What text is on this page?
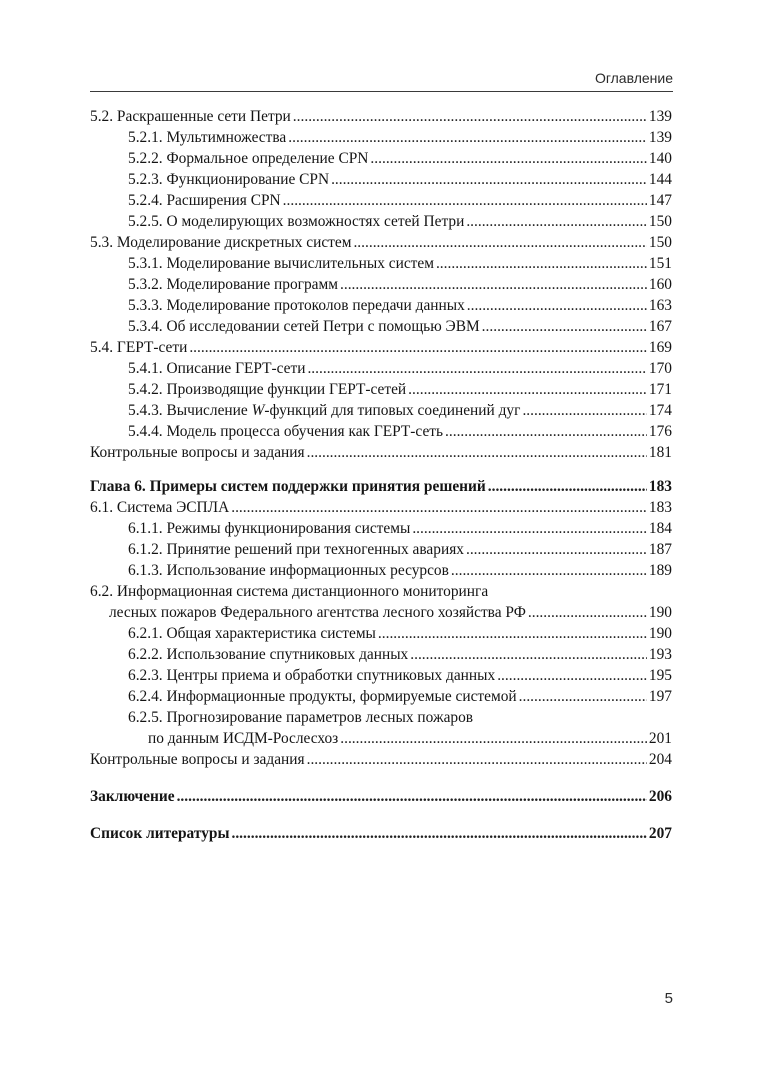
Оглавление
5.2. Раскрашенные сети Петри .....	139
5.2.1. Мультимножества .....	139
5.2.2. Формальное определение CPN .....	140
5.2.3. Функционирование CPN .....	144
5.2.4. Расширения CPN .....	147
5.2.5. О моделирующих возможностях сетей Петри .....	150
5.3. Моделирование дискретных систем .....	150
5.3.1. Моделирование вычислительных систем .....	151
5.3.2. Моделирование программ .....	160
5.3.3. Моделирование протоколов передачи данных .....	163
5.3.4. Об исследовании сетей Петри с помощью ЭВМ .....	167
5.4. ГЕРТ-сети .....	169
5.4.1. Описание ГЕРТ-сети .....	170
5.4.2. Производящие функции ГЕРТ-сетей .....	171
5.4.3. Вычисление W-функций для типовых соединений дуг .....	174
5.4.4. Модель процесса обучения как ГЕРТ-сеть .....	176
Контрольные вопросы и задания .....	181
Глава 6. Примеры систем поддержки принятия решений .....	183
6.1. Система ЭСПЛА .....	183
6.1.1. Режимы функционирования системы .....	184
6.1.2. Принятие решений при техногенных авариях .....	187
6.1.3. Использование информационных ресурсов .....	189
6.2. Информационная система дистанционного мониторинга
лесных пожаров Федерального агентства лесного хозяйства РФ .....	190
6.2.1. Общая характеристика системы .....	190
6.2.2. Использование спутниковых данных .....	193
6.2.3. Центры приема и обработки спутниковых данных .....	195
6.2.4. Информационные продукты, формируемые системой .....	197
6.2.5. Прогнозирование параметров лесных пожаров
по данным ИСДМ-Рослесхоз .....	201
Контрольные вопросы и задания .....	204
Заключение .....	206
Список литературы .....	207
5
